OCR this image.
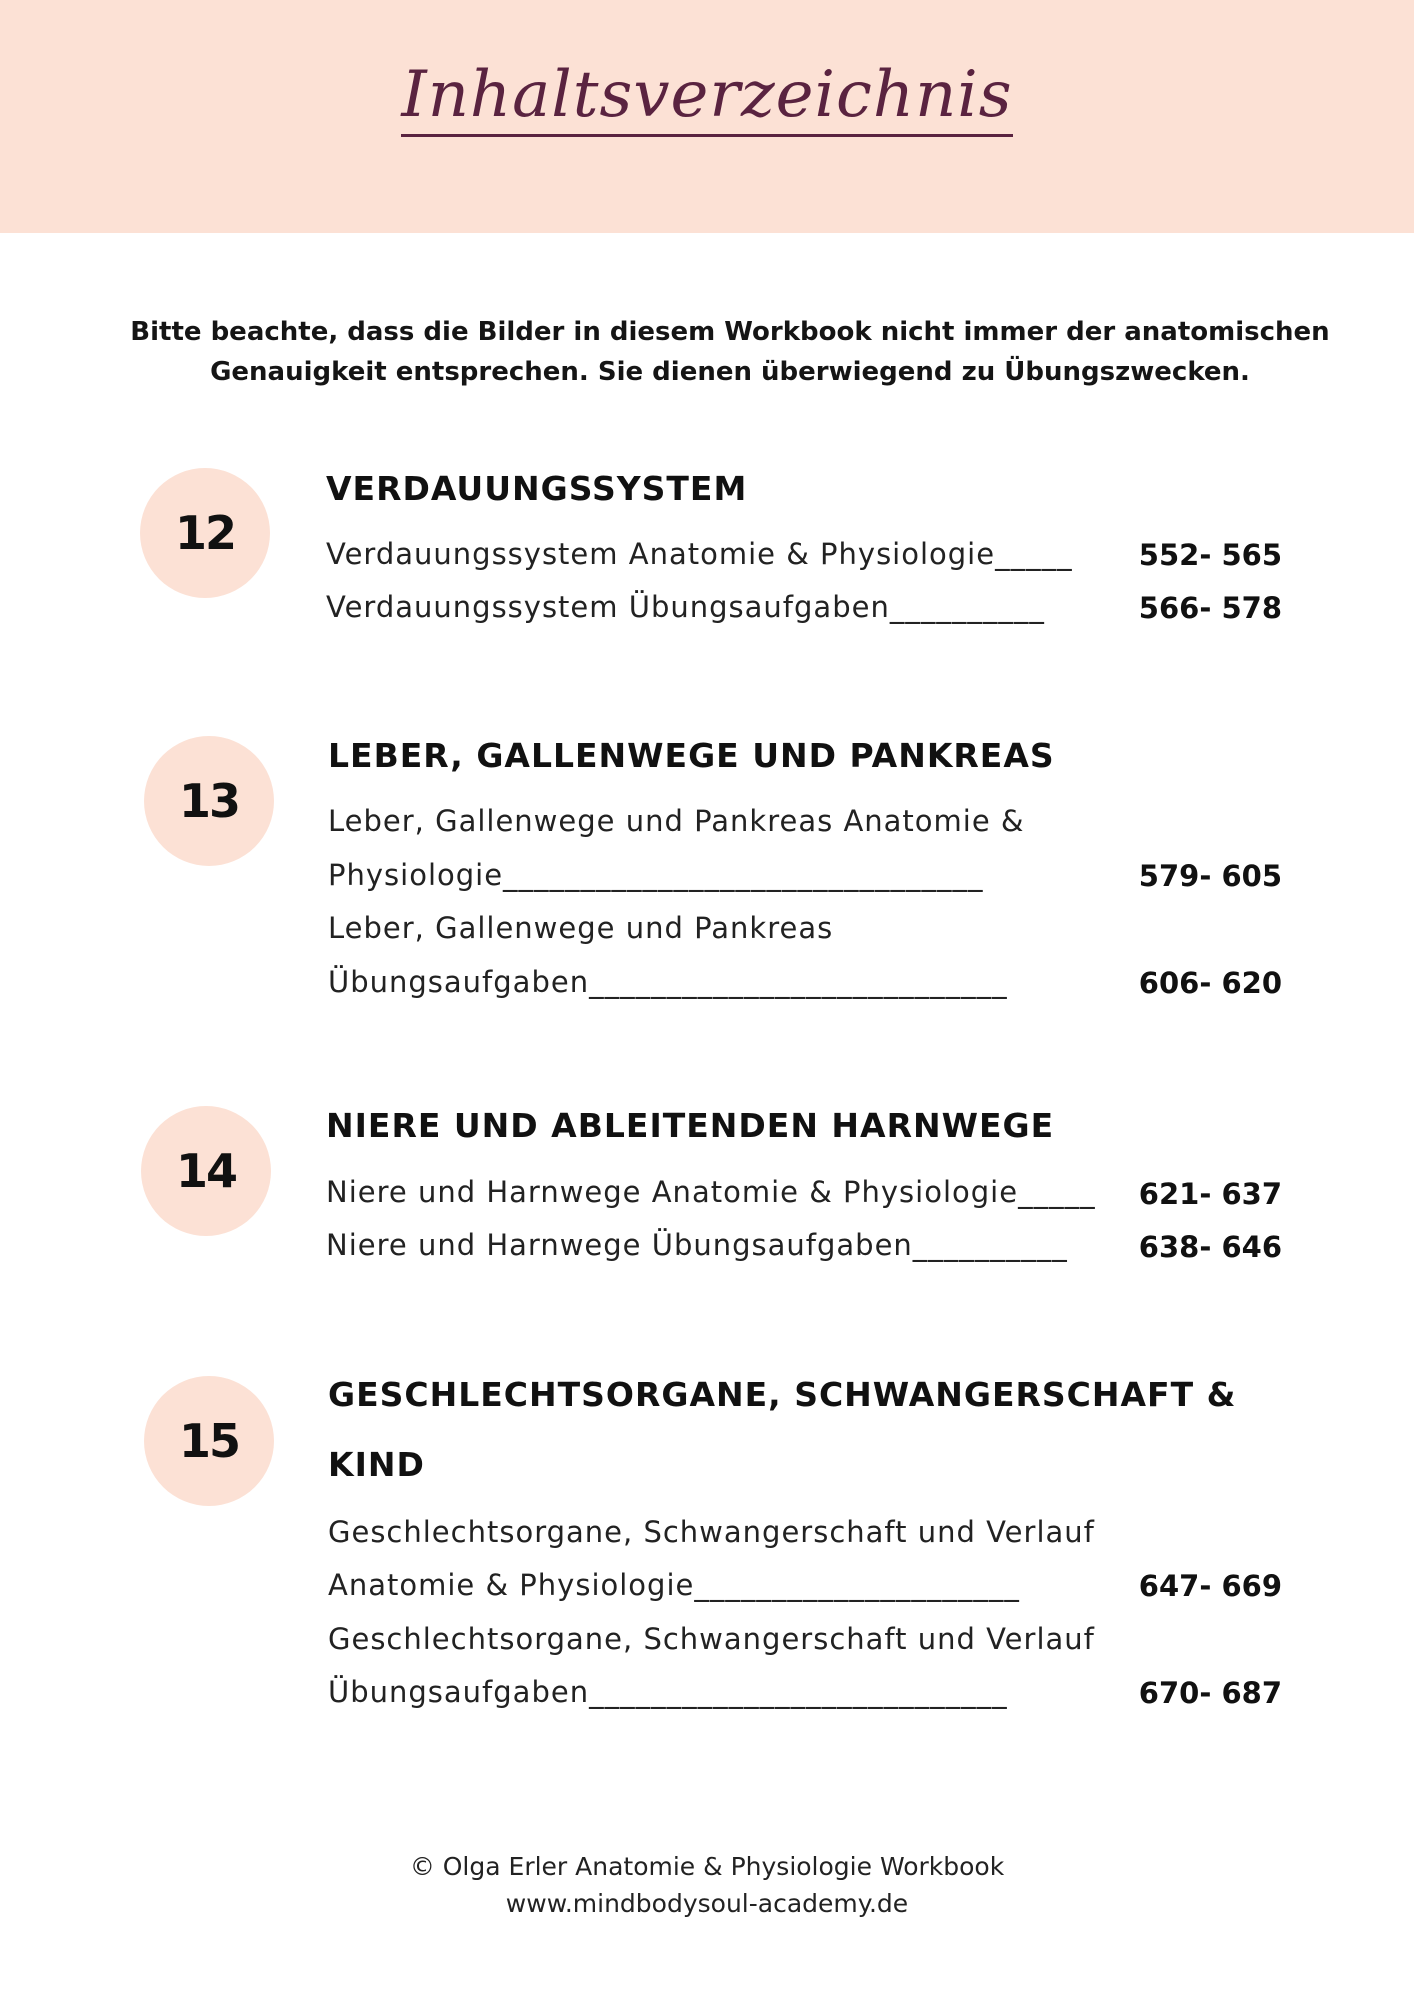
Inhaltsverzeichnis
Bitte beachte, dass die Bilder in diesem Workbook nicht immer der anatomischen
Genauigkeit entsprechen. Sie dienen überwiegend zu Übungszwecken.
12
VERDAUUNGSSYSTEM
Verdauungssystem Anatomie & Physiologie_____ 552- 565
Verdauungssystem Übungsaufgaben__________	566- 578
13
LEBER, GALLENWEGE UND PANKREAS
Leber, Gallenwege und Pankreas Anatomie &
Physiologie_______________________________	579- 605
Leber, Gallenwege und Pankreas
Übungsaufgaben___________________________	606- 620
14
NIERE UND ABLEITENDEN HARNWEGE
Niere und Harnwege Anatomie & Physiologie_____ 621- 637
Niere und Harnwege Übungsaufgaben__________ 638- 646
15
GESCHLECHTSORGANE, SCHWANGERSCHAFT &
KIND
Geschlechtsorgane, Schwangerschaft und Verlauf
Anatomie & Physiologie_____________________	647- 669
Geschlechtsorgane, Schwangerschaft und Verlauf
Übungsaufgaben___________________________	670- 687
© Olga Erler Anatomie & Physiologie Workbook
www.mindbodysoul-academy.de
